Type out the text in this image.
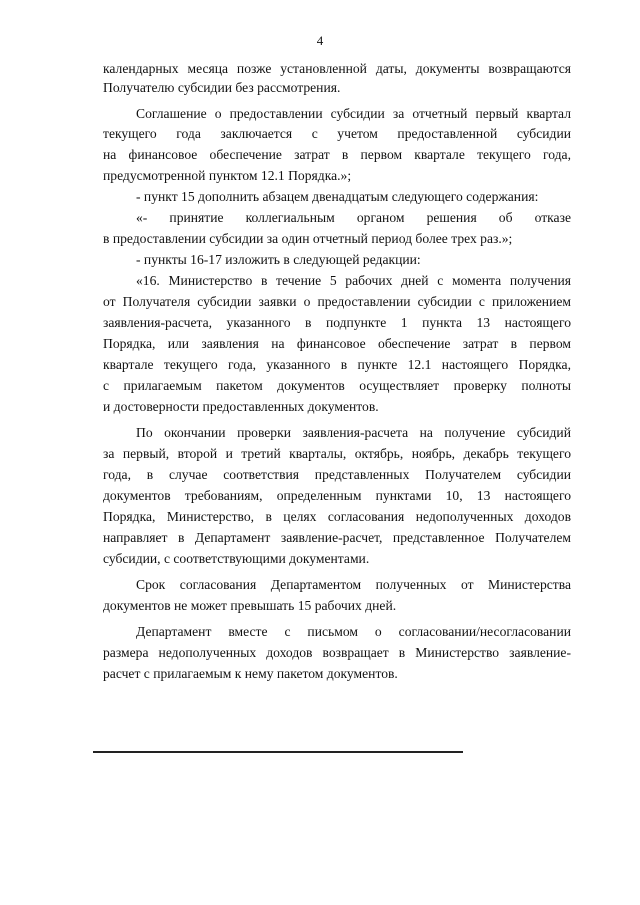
4
календарных месяца позже установленной даты, документы возвращаются
Получателю субсидии без рассмотрения.
Соглашение о предоставлении субсидии за отчетный первый квартал
текущего года заключается с учетом предоставленной субсидии
на финансовое обеспечение затрат в первом квартале текущего года,
предусмотренной пунктом 12.1 Порядка.»;
- пункт 15 дополнить абзацем двенадцатым следующего содержания:
«- принятие коллегиальным органом решения об отказе
в предоставлении субсидии за один отчетный период более трех раз.»;
- пункты 16-17 изложить в следующей редакции:
«16. Министерство в течение 5 рабочих дней с момента получения
от Получателя субсидии заявки о предоставлении субсидии с приложением
заявления-расчета, указанного в подпункте 1 пункта 13 настоящего
Порядка, или заявления на финансовое обеспечение затрат в первом
квартале текущего года, указанного в пункте 12.1 настоящего Порядка,
с прилагаемым пакетом документов осуществляет проверку полноты
и достоверности предоставленных документов.
По окончании проверки заявления-расчета на получение субсидий
за первый, второй и третий кварталы, октябрь, ноябрь, декабрь текущего
года, в случае соответствия представленных Получателем субсидии
документов требованиям, определенным пунктами 10, 13 настоящего
Порядка, Министерство, в целях согласования недополученных доходов
направляет в Департамент заявление-расчет, представленное Получателем
субсидии, с соответствующими документами.
Срок согласования Департаментом полученных от Министерства
документов не может превышать 15 рабочих дней.
Департамент вместе с письмом о согласовании/несогласовании
размера недополученных доходов возвращает в Министерство заявление-
расчет с прилагаемым к нему пакетом документов.
